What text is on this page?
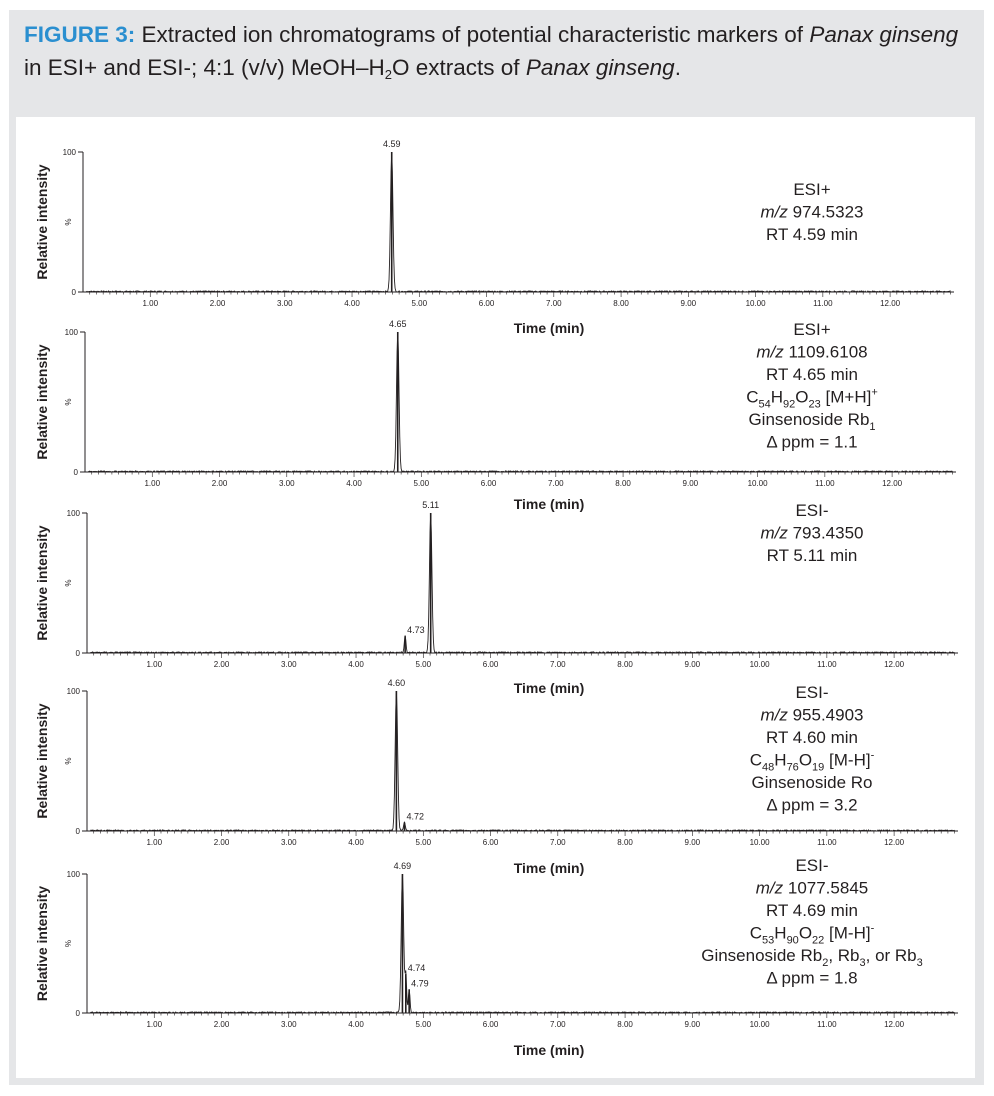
FIGURE 3: Extracted ion chromatograms of potential characteristic markers of Panax ginseng in ESI+ and ESI-; 4:1 (v/v) MeOH–$H_2O$ extracts of Panax ginseng.

Relative intensity %
0
100
1.00	2.00	3.00	4.00	5.00	6.00	7.00	8.00	9.00	10.00	11.00	12.00
Time (min)
4.59
ESI+
m/z 974.5323
RT 4.59 min
Relative intensity %
0
100
1.00	2.00	3.00	4.00	5.00	6.00	7.00	8.00	9.00	10.00	11.00	12.00
Time (min)
4.65	ESI+
m/z 1109.6108
RT 4.65 min
$C_{54}H_{92}O_{23}$ [M+H]+
Ginsenoside $Rb_1$
Δ ppm = 1.1
Relative intensity %
0
100
1.00	2.00	3.00	4.00	5.00	6.00	7.00	8.00	9.00	10.00	11.00	12.00
Time (min)
4.73
5.11	ESI-
m/z 793.4350
RT 5.11 min
Relative intensity %
0
100
1.00	2.00	3.00	4.00	5.00	6.00	7.00	8.00	9.00	10.00	11.00	12.00
Time (min)
4.60
4.72
ESI-
m/z 955.4903
RT 4.60 min
$C_{48}H_{76}O_{19}$ [M-H]-
Ginsenoside Ro
Δ ppm = 3.2
Relative intensity %
0
100
1.00	2.00	3.00	4.00	5.00	6.00	7.00	8.00	9.00	10.00	11.00	12.00
Time (min)
4.69
4.74
4.79
ESI-
m/z 1077.5845
RT 4.69 min
$C_{53}H_{90}O_{22}$ [M-H]-
Ginsenoside $Rb_2$, $Rb_3$, or $Rb_3$
Δ ppm = 1.8
